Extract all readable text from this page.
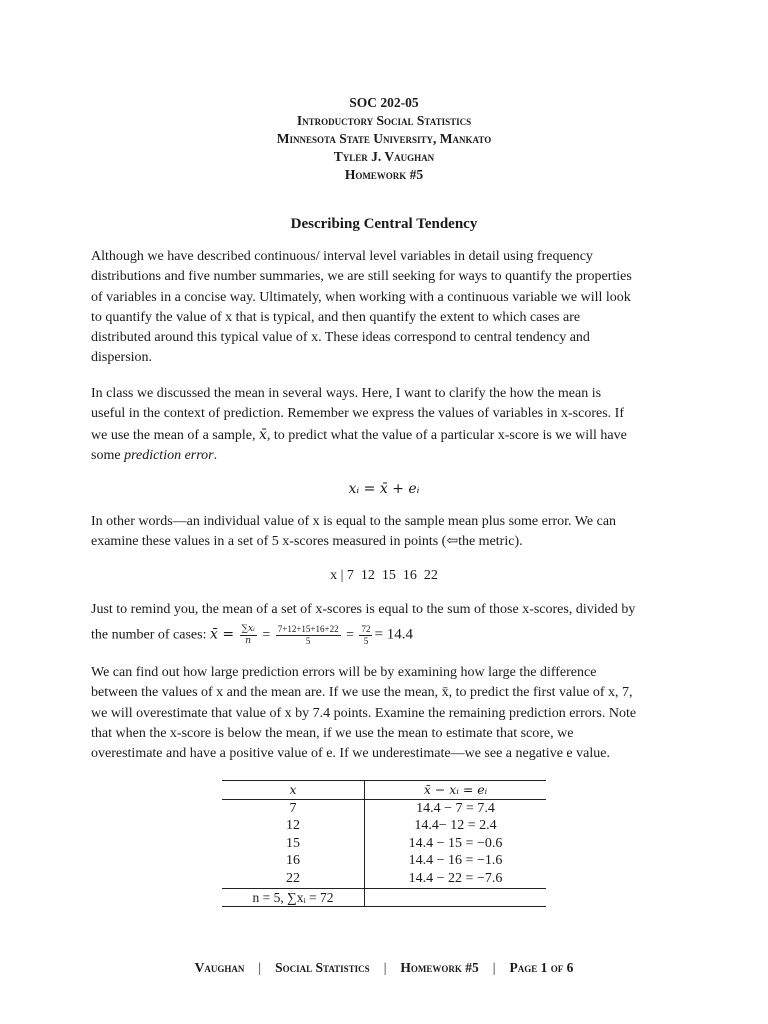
SOC 202-05
Introductory Social Statistics
Minnesota State University, Mankato
Tyler J. Vaughan
Homework #5
Describing Central Tendency
Although we have described continuous/ interval level variables in detail using frequency
distributions and five number summaries, we are still seeking for ways to quantify the properties
of variables in a concise way. Ultimately, when working with a continuous variable we will look
to quantify the value of x that is typical, and then quantify the extent to which cases are
distributed around this typical value of x. These ideas correspond to central tendency and
dispersion.
In class we discussed the mean in several ways. Here, I want to clarify the how the mean is
useful in the context of prediction. Remember we express the values of variables in x-scores. If
we use the mean of a sample, x̄, to predict what the value of a particular x-score is we will have
some prediction error.
xᵢ = x̄ + eᵢ
In other words—an individual value of x is equal to the sample mean plus some error. We can
examine these values in a set of 5 x-scores measured in points (⇦the metric).
x | 7  12  15  16  22
Just to remind you, the mean of a set of x-scores is equal to the sum of those x-scores, divided by
the number of cases: x̄ = $\frac{\text{∑xᵢ}}{n} = \frac{7+12+15+16+22}{5} = \frac{72}{5} = 14.4$
We can find out how large prediction errors will be by examining how large the difference
between the values of x and the mean are. If we use the mean, x̄, to predict the first value of x, 7,
we will overestimate that value of x by 7.4 points. Examine the remaining prediction errors. Note
that when the x-score is below the mean, if we use the mean to estimate that score, we
overestimate and have a positive value of e. If we underestimate—we see a negative e value.
x	x̄ − xᵢ = eᵢ
7	14.4 − 7 = 7.4
12	14.4− 12 = 2.4
15	14.4 − 15 = −0.6
16	14.4 − 16 = −1.6
22	14.4 − 22 = −7.6
n = 5, ∑xᵢ = 72	
Vaughan | Social Statistics | Homework #5 | Page 1 of 6
